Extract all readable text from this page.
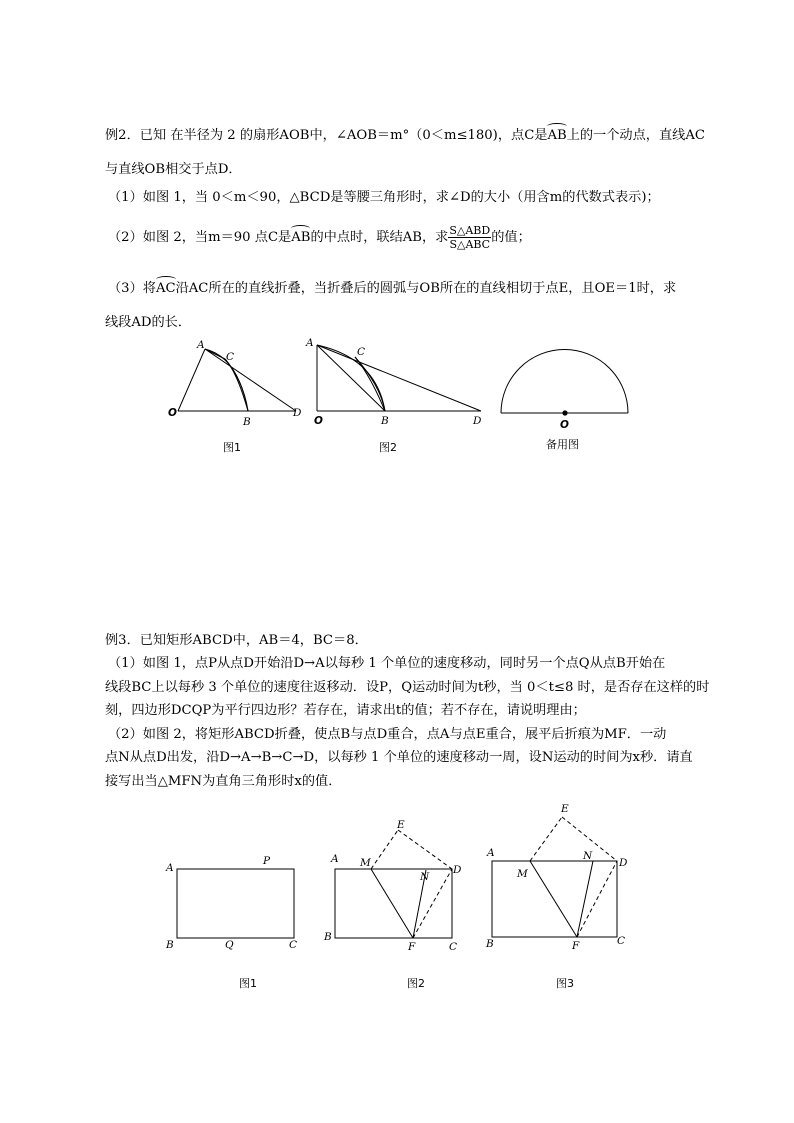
例2．已知 在半径为 2 的扇形AOB中，∠AOB＝m°（0＜m≤180)，点C是AB上的一个动点，直线AC
与直线OB相交于点D．
（1）如图 1，当 0＜m＜90，△BCD是等腰三角形时，求∠D的大小（用含m的代数式表示)；
（2）如图 2，当m＝90 点C是AB的中点时，联结AB，求 $\frac{\text{S△ABD}}{\text{S△ABC}}$ 的值；
（3）将AC沿AC所在的直线折叠，当折叠后的圆弧与OB所在的直线相切于点E，且OE＝1时，求
线段AD的长．
A
C
O
B
D
A
C
O	B	D	O
图1	图2	备用图
例3．已知矩形ABCD中，AB＝4，BC＝8．
（1）如图 1，点P从点D开始沿D→A以每秒 1 个单位的速度移动，同时另一个点Q从点B开始在
线段BC上以每秒 3 个单位的速度往返移动．设P，Q运动时间为t秒，当 0＜t≤8 时，是否存在这样的时
刻，四边形DCQP为平行四边形？若存在，请求出t的值；若不存在，请说明理由；
（2）如图 2，将矩形ABCD折叠，使点B与点D重合，点A与点E重合，展平后折痕为MF．一动
点N从点D出发，沿D→A→B→C→D，以每秒 1 个单位的速度移动一周，设N运动的时间为x秒．请直
接写出当△MFN为直角三角形时x的值．
A
P
B	Q	C
E
A M
D
N
B
F	C
E
A
M
N
D
B	F	C
图1	图2	图3
